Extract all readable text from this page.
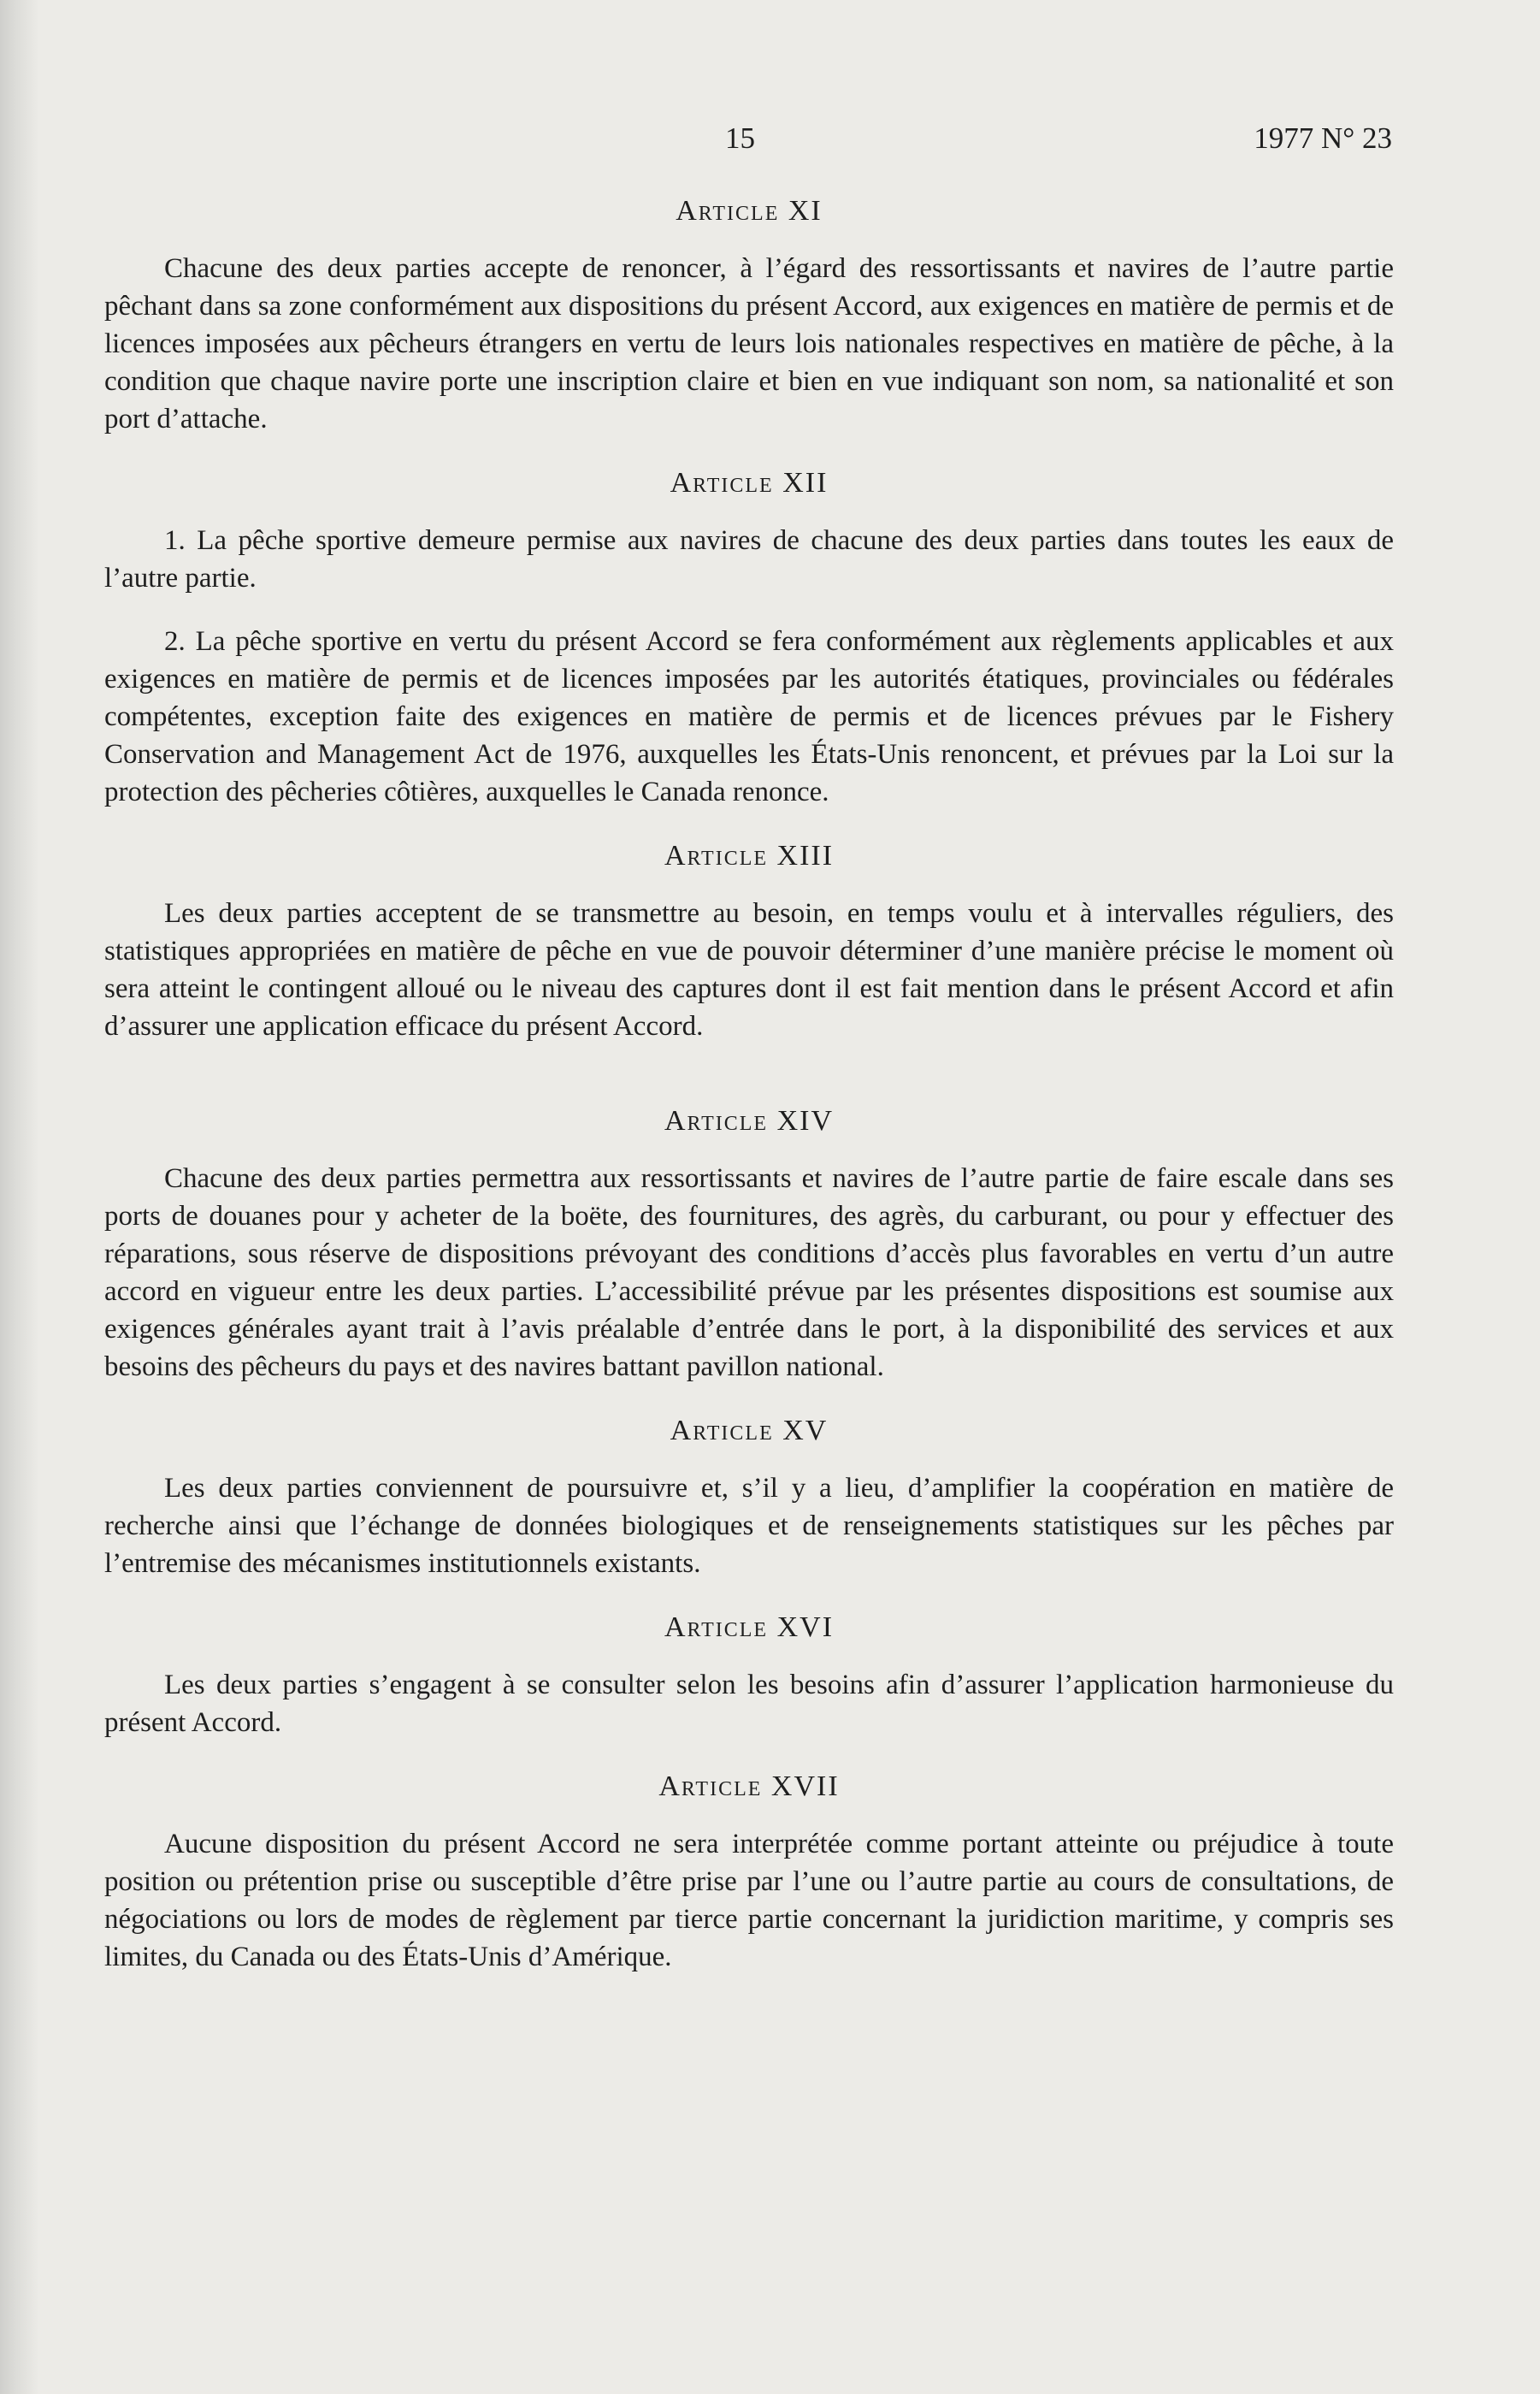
15	1977 N° 23
Article XI

Chacune des deux parties accepte de renoncer, à l’égard des ressortissants et navires de l’autre partie pêchant dans sa zone conformément aux dispositions du présent Accord, aux exigences en matière de permis et de licences imposées aux pêcheurs étrangers en vertu de leurs lois nationales respectives en matière de pêche, à la condition que chaque navire porte une inscription claire et bien en vue indiquant son nom, sa nationalité et son port d’attache.

Article XII

1. La pêche sportive demeure permise aux navires de chacune des deux parties dans toutes les eaux de l’autre partie.

2. La pêche sportive en vertu du présent Accord se fera conformément aux règlements applicables et aux exigences en matière de permis et de licences imposées par les autorités étatiques, provinciales ou fédérales compétentes, exception faite des exigences en matière de permis et de licences prévues par le Fishery Conservation and Management Act de 1976, auxquelles les États-Unis renoncent, et prévues par la Loi sur la protection des pêcheries côtières, auxquelles le Canada renonce.

Article XIII

Les deux parties acceptent de se transmettre au besoin, en temps voulu et à intervalles réguliers, des statistiques appropriées en matière de pêche en vue de pouvoir déterminer d’une manière précise le moment où sera atteint le contingent alloué ou le niveau des captures dont il est fait mention dans le présent Accord et afin d’assurer une application efficace du présent Accord.

Article XIV

Chacune des deux parties permettra aux ressortissants et navires de l’autre partie de faire escale dans ses ports de douanes pour y acheter de la boëte, des fournitures, des agrès, du carburant, ou pour y effectuer des réparations, sous réserve de dispositions prévoyant des conditions d’accès plus favorables en vertu d’un autre accord en vigueur entre les deux parties. L’accessibilité prévue par les présentes dispositions est soumise aux exigences générales ayant trait à l’avis préalable d’entrée dans le port, à la disponibilité des services et aux besoins des pêcheurs du pays et des navires battant pavillon national.

Article XV

Les deux parties conviennent de poursuivre et, s’il y a lieu, d’amplifier la coopération en matière de recherche ainsi que l’échange de données biologiques et de renseignements statistiques sur les pêches par l’entremise des mécanismes institutionnels existants.

Article XVI

Les deux parties s’engagent à se consulter selon les besoins afin d’assurer l’application harmonieuse du présent Accord.

Article XVII

Aucune disposition du présent Accord ne sera interprétée comme portant atteinte ou préjudice à toute position ou prétention prise ou susceptible d’être prise par l’une ou l’autre partie au cours de consultations, de négociations ou lors de modes de règlement par tierce partie concernant la juridiction maritime, y compris ses limites, du Canada ou des États-Unis d’Amérique.
